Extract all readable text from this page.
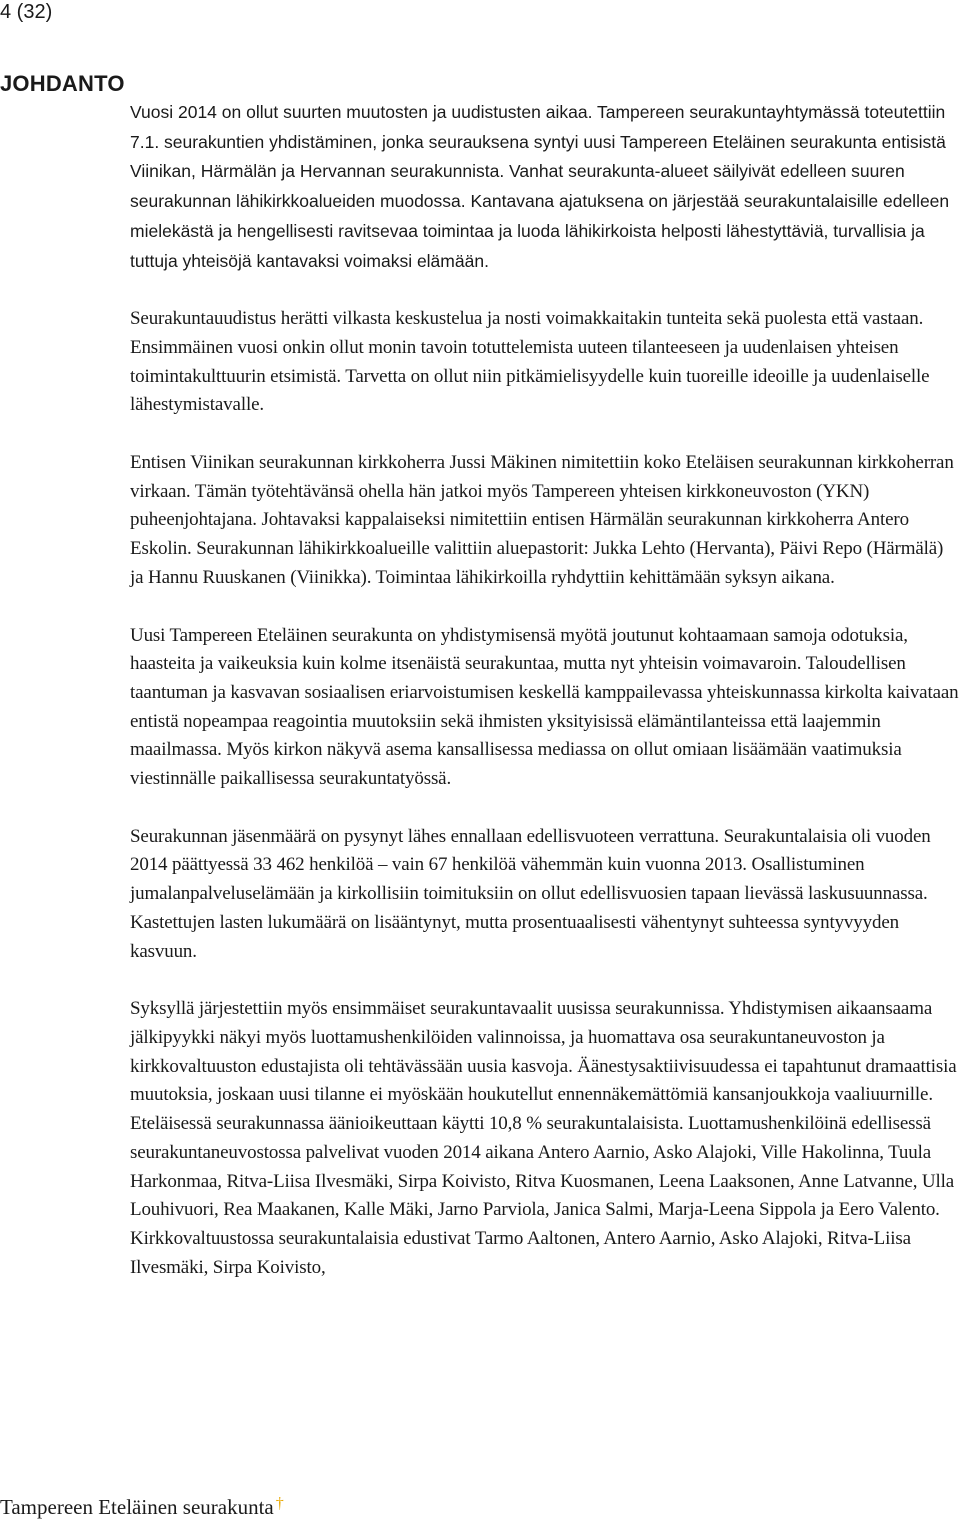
4 (32)
JOHDANTO

Vuosi 2014 on ollut suurten muutosten ja uudistusten aikaa. Tampereen seurakuntayhtymässä toteutettiin 7.1. seurakuntien yhdistäminen, jonka seurauksena syntyi uusi Tampereen Eteläinen seurakunta entisistä Viinikan, Härmälän ja Hervannan seurakunnista. Vanhat seurakunta-alueet säilyivät edelleen suuren seurakunnan lähikirkkoalueiden muodossa. Kantavana ajatuksena on järjestää seurakuntalaisille edelleen mielekästä ja hengellisesti ravitsevaa toimintaa ja luoda lähikirkoista helposti lähestyttäviä, turvallisia ja tuttuja yhteisöjä kantavaksi voimaksi elämään.

Seurakuntauudistus herätti vilkasta keskustelua ja nosti voimakkaitakin tunteita sekä puolesta että vastaan. Ensimmäinen vuosi onkin ollut monin tavoin totuttelemista uuteen tilanteeseen ja uudenlaisen yhteisen toimintakulttuurin etsimistä. Tarvetta on ollut niin pitkämielisyydelle kuin tuoreille ideoille ja uudenlaiselle lähestymistavalle.

Entisen Viinikan seurakunnan kirkkoherra Jussi Mäkinen nimitettiin koko Eteläisen seurakunnan kirkkoherran virkaan. Tämän työtehtävänsä ohella hän jatkoi myös Tampereen yhteisen kirkkoneuvoston (YKN) puheenjohtajana. Johtavaksi kappalaiseksi nimitettiin entisen Härmälän seurakunnan kirkkoherra Antero Eskolin. Seurakunnan lähikirkkoalueille valittiin aluepastorit: Jukka Lehto (Hervanta), Päivi Repo (Härmälä) ja Hannu Ruuskanen (Viinikka). Toimintaa lähikirkoilla ryhdyttiin kehittämään syksyn aikana.

Uusi Tampereen Eteläinen seurakunta on yhdistymisensä myötä joutunut kohtaamaan samoja odotuksia, haasteita ja vaikeuksia kuin kolme itsenäistä seurakuntaa, mutta nyt yhteisin voimavaroin. Taloudellisen taantuman ja kasvavan sosiaalisen eriarvoistumisen keskellä kamppailevassa yhteiskunnassa kirkolta kaivataan entistä nopeampaa reagointia muutoksiin sekä ihmisten yksityisissä elämäntilanteissa että laajemmin maailmassa. Myös kirkon näkyvä asema kansallisessa mediassa on ollut omiaan lisäämään vaatimuksia viestinnälle paikallisessa seurakuntatyössä.

Seurakunnan jäsenmäärä on pysynyt lähes ennallaan edellisvuoteen verrattuna. Seurakuntalaisia oli vuoden 2014 päättyessä 33 462 henkilöä – vain 67 henkilöä vähemmän kuin vuonna 2013. Osallistuminen jumalanpalveluselämään ja kirkollisiin toimituksiin on ollut edellisvuosien tapaan lievässä laskusuunnassa. Kastettujen lasten lukumäärä on lisääntynyt, mutta prosentuaalisesti vähentynyt suhteessa syntyvyyden kasvuun.

Syksyllä järjestettiin myös ensimmäiset seurakuntavaalit uusissa seurakunnissa. Yhdistymisen aikaansaama jälkipyykki näkyi myös luottamushenkilöiden valinnoissa, ja huomattava osa seurakuntaneuvoston ja kirkkovaltuuston edustajista oli tehtävässään uusia kasvoja. Äänestysaktiivisuudessa ei tapahtunut dramaattisia muutoksia, joskaan uusi tilanne ei myöskään houkutellut ennennäkemättömiä kansanjoukkoja vaaliuurnille. Eteläisessä seurakunnassa äänioikeuttaan käytti 10,8 % seurakuntalaisista. Luottamushenkilöinä edellisessä seurakuntaneuvostossa palvelivat vuoden 2014 aikana Antero Aarnio, Asko Alajoki, Ville Hakolinna, Tuula Harkonmaa, Ritva-Liisa Ilvesmäki, Sirpa Koivisto, Ritva Kuosmanen, Leena Laaksonen, Anne Latvanne, Ulla Louhivuori, Rea Maakanen, Kalle Mäki, Jarno Parviola, Janica Salmi, Marja-Leena Sippola ja Eero Valento. Kirkkovaltuustossa seurakuntalaisia edustivat Tarmo Aaltonen, Antero Aarnio, Asko Alajoki, Ritva-Liisa Ilvesmäki, Sirpa Koivisto,

Tampereen Eteläinen seurakunta †
